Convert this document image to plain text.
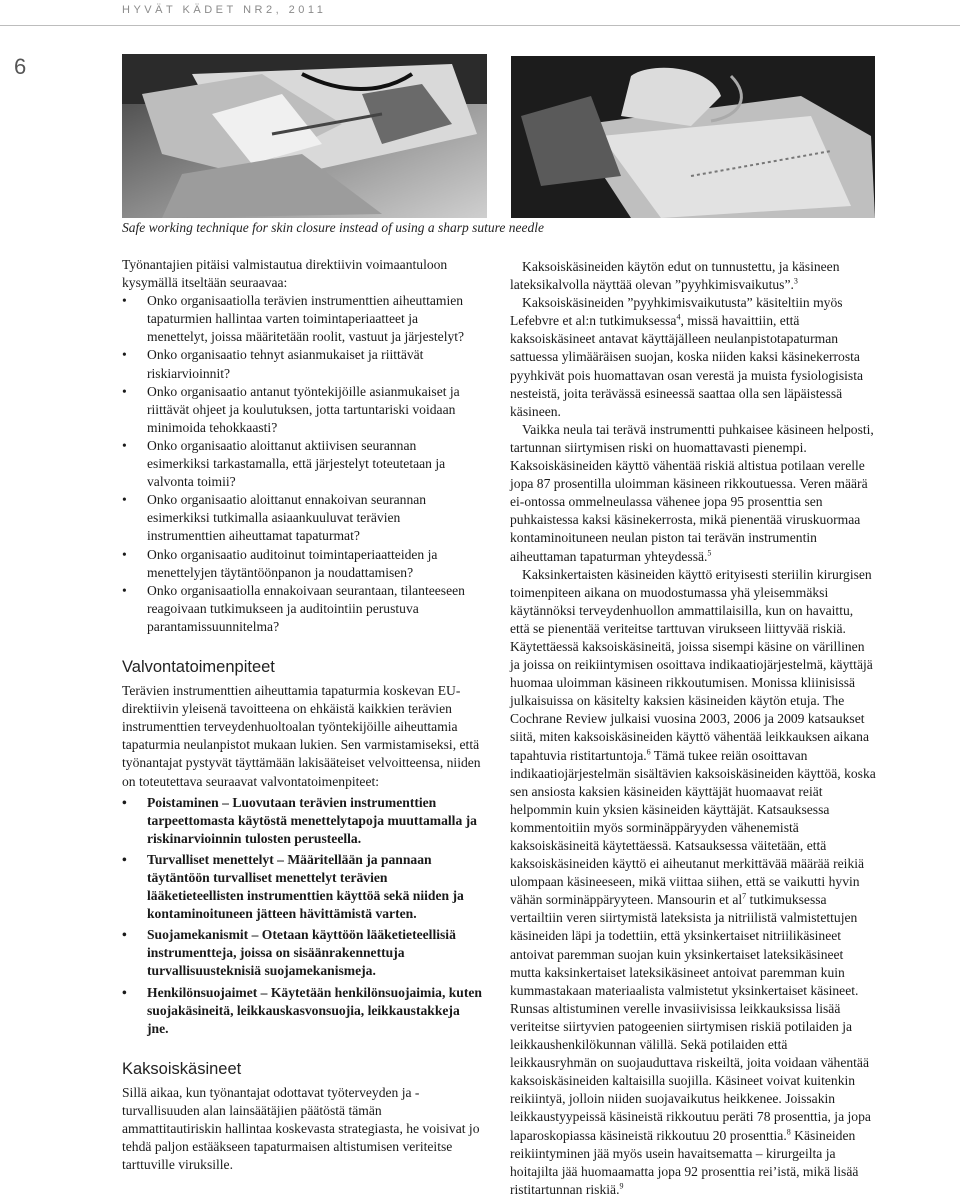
HYVÄT KÄDET NR2, 2011
6
Safe working technique for skin closure instead of using a sharp suture needle

Työnantajien pitäisi valmistautua direktiivin voimaantuloon kysymällä itseltään seuraavaa:

• Onko organisaatiolla terävien instrumenttien aiheuttamien tapaturmien hallintaa varten toimintaperiaatteet ja menettelyt, joissa määritetään roolit, vastuut ja järjestelyt?
• Onko organisaatio tehnyt asianmukaiset ja riittävät riskiarvioinnit?
• Onko organisaatio antanut työntekijöille asianmukaiset ja riittävät ohjeet ja koulutuksen, jotta tartuntariski voidaan minimoida tehokkaasti?
• Onko organisaatio aloittanut aktiivisen seurannan esimerkiksi tarkastamalla, että järjestelyt toteutetaan ja valvonta toimii?
• Onko organisaatio aloittanut ennakoivan seurannan esimerkiksi tutkimalla asiaankuuluvat terävien instrumenttien aiheuttamat tapaturmat?
• Onko organisaatio auditoinut toimintaperiaatteiden ja menettelyjen täytäntöönpanon ja noudattamisen?
• Onko organisaatiolla ennakoivaan seurantaan, tilanteeseen reagoivaan tutkimukseen ja auditointiin perustuva parantamissuunnitelma?
Valvontatoimenpiteet

Terävien instrumenttien aiheuttamia tapaturmia koskevan EU-direktiivin yleisenä tavoitteena on ehkäistä kaikkien terävien instrumenttien terveydenhuoltoalan työntekijöille aiheuttamia tapaturmia neulanpistot mukaan lukien. Sen varmistamiseksi, että työnantajat pystyvät täyttämään lakisääteiset velvoitteensa, niiden on toteutettava seuraavat valvontatoimenpiteet:

• Poistaminen – Luovutaan terävien instrumenttien tarpeettomasta käytöstä menettelytapoja muuttamalla ja riskinarvioinnin tulosten perusteella.
• Turvalliset menettelyt – Määritellään ja pannaan täytäntöön turvalliset menettelyt terävien lääketieteellisten instrumenttien käyttöä sekä niiden ja kontaminoituneen jätteen hävittämistä varten.
• Suojamekanismit – Otetaan käyttöön lääketieteellisiä instrumentteja, joissa on sisäänrakennettuja turvallisuusteknisiä suojamekanismeja.
• Henkilönsuojaimet – Käytetään henkilönsuojaimia, kuten suojakäsineitä, leikkauskasvonsuojia, leikkaustakkeja jne.
Kaksoiskäsineet

Sillä aikaa, kun työnantajat odottavat työterveyden ja -turvallisuuden alan lainsäätäjien päätöstä tämän ammattitautiriskin hallintaa koskevasta strategiasta, he voisivat jo tehdä paljon estääkseen tapaturmaisen altistumisen veriteitse tarttuville viruksille.

Kaksoiskäsineiden käytön edut on tunnustettu, ja käsineen lateksikalvolla näyttää olevan ”pyyhkimisvaikutus”.$^3$

Kaksoiskäsineiden ”pyyhkimisvaikutusta” käsiteltiin myös Lefebvre et al:n tutkimuksessa$^4$, missä havaittiin, että kaksoiskäsineet antavat käyttäjälleen neulanpistotapaturman sattuessa ylimääräisen suojan, koska niiden kaksi käsinekerrosta pyyhkivät pois huomattavan osan verestä ja muista fysiologisista nesteistä, joita terävässä esineessä saattaa olla sen läpäistessä käsineen.

Vaikka neula tai terävä instrumentti puhkaisee käsineen helposti, tartunnan siirtymisen riski on huomattavasti pienempi. Kaksoiskäsineiden käyttö vähentää riskiä altistua potilaan verelle jopa 87 prosentilla uloimman käsineen rikkoutuessa. Veren määrä ei-ontossa ommelneulassa vähenee jopa 95 prosenttia sen puhkaistessa kaksi käsinekerrosta, mikä pienentää viruskuormaa kontaminoituneen neulan piston tai terävän instrumentin aiheuttaman tapaturman yhteydessä.$^5$

Kaksinkertaisten käsineiden käyttö erityisesti steriilin kirurgisen toimenpiteen aikana on muodostumassa yhä yleisemmäksi käytännöksi terveydenhuollon ammattilaisilla, kun on havaittu, että se pienentää veriteitse tarttuvan virukseen liittyvää riskiä. Käytettäessä kaksoiskäsineitä, joissa sisempi käsine on värillinen ja joissa on reikiintymisen osoittava indikaatiojärjestelmä, käyttäjä huomaa uloimman käsineen rikkoutumisen. Monissa kliinisissä julkaisuissa on käsitelty kaksien käsineiden käytön etuja. The Cochrane Review julkaisi vuosina 2003, 2006 ja 2009 katsaukset siitä, miten kaksoiskäsineiden käyttö vähentää leikkauksen aikana tapahtuvia ristitartuntoja.$^6$ Tämä tukee reiän osoittavan indikaatiojärjestelmän sisältävien kaksoiskäsineiden käyttöä, koska sen ansiosta kaksien käsineiden käyttäjät huomaavat reiät helpommin kuin yksien käsineiden käyttäjät. Katsauksessa kommentoitiin myös sorminäppäryyden vähenemistä kaksoiskäsineitä käytettäessä. Katsauksessa väitetään, että kaksoiskäsineiden käyttö ei aiheutanut merkittävää määrää reikiä ulompaan käsineeseen, mikä viittaa siihen, että se vaikutti hyvin vähän sorminäppäryyteen. Mansourin et $al^7$ tutkimuksessa vertailtiin veren siirtymistä lateksista ja nitriilistä valmistettujen käsineiden läpi ja todettiin, että yksinkertaiset nitriilikäsineet antoivat paremman suojan kuin yksinkertaiset lateksikäsineet mutta kaksinkertaiset lateksikäsineet antoivat paremman kuin kummastakaan materiaalista valmistetut yksinkertaiset käsineet. Runsas altistuminen verelle invasiivisissa leikkauksissa lisää veriteitse siirtyvien patogeenien siirtymisen riskiä potilaiden ja leikkaushenkilökunnan välillä. Sekä potilaiden että leikkausryhmän on suojauduttava riskeiltä, joita voidaan vähentää kaksoiskäsineiden kaltaisilla suojilla. Käsineet voivat kuitenkin reikiintyä, jolloin niiden suojavaikutus heikkenee. Joissakin leikkaustyypeissä käsineistä rikkoutuu peräti 78 prosenttia, ja jopa laparoskopiassa käsineistä rikkoutuu 20 prosenttia.$^8$ Käsineiden reikiintyminen jää myös usein havaitsematta – kirurgeilta ja hoitajilta jää huomaamatta jopa 92 prosenttia rei’istä, mikä lisää ristitartunnan riskiä.$^9$
